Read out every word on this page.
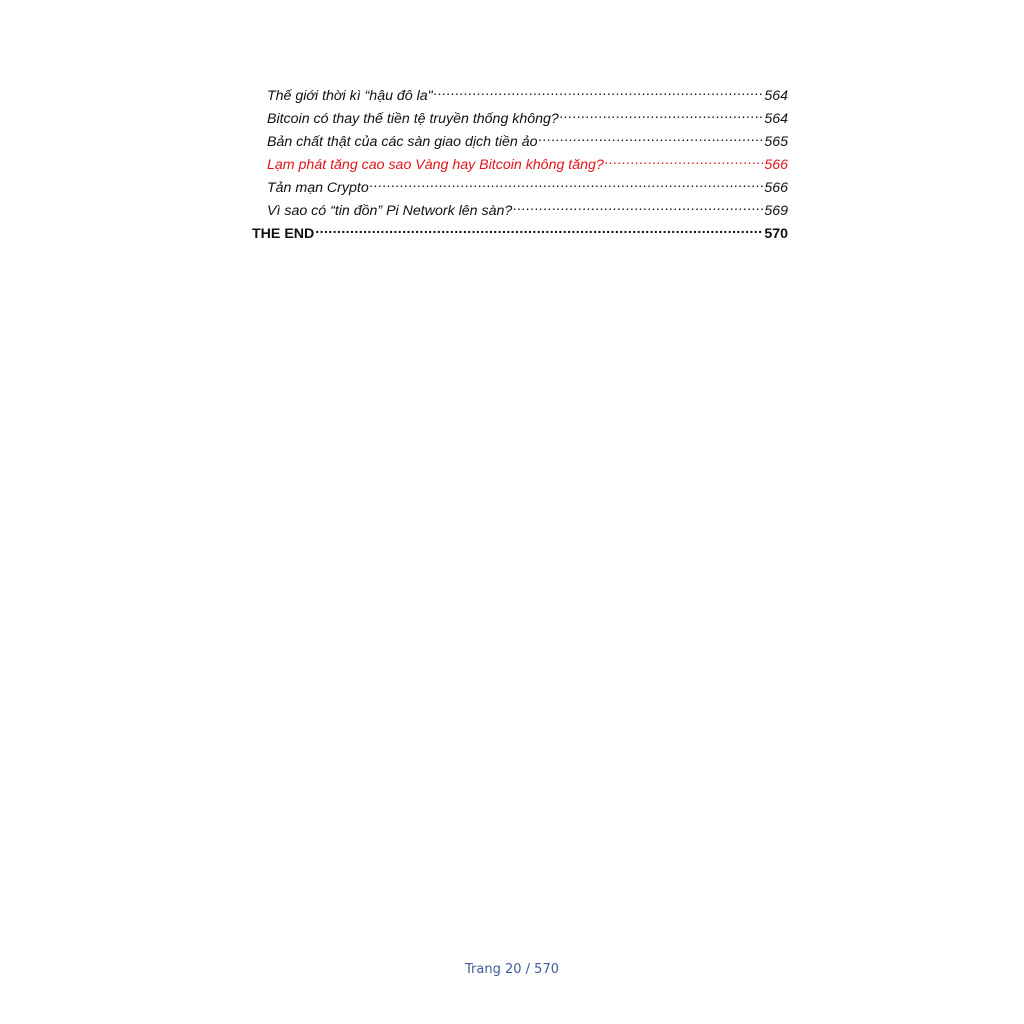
Thế giới thời kì “hậu đô la" .....	564
Bitcoin có thay thế tiền tệ truyền thống không? .....	564
Bản chất thật của các sàn giao dịch tiền ảo .....	565
Lạm phát tăng cao sao Vàng hay Bitcoin không tăng? .....	566
Tản mạn Crypto .....	566
Vì sao có “tin đồn” Pi Network lên sàn? .....	569
THE END .....	570
Trang 20 / 570
